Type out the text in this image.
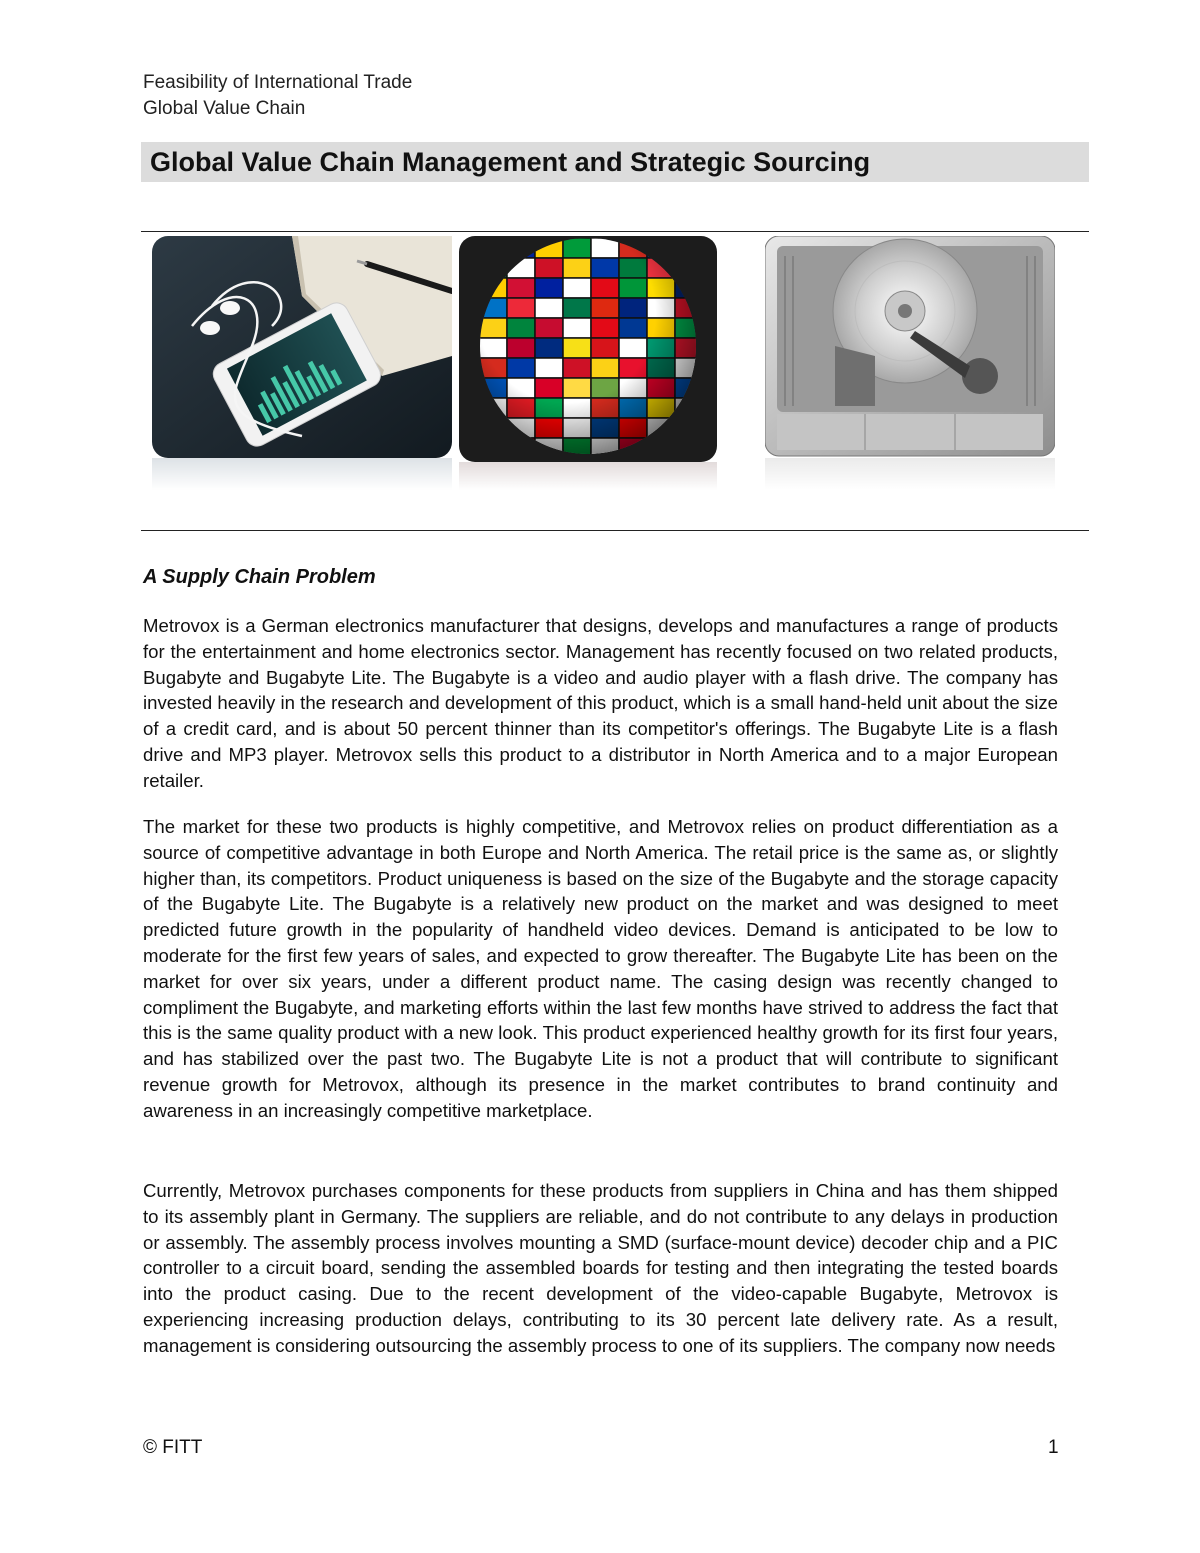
Feasibility of International Trade
Global Value Chain
Global Value Chain Management and Strategic Sourcing
A Supply Chain Problem

Metrovox is a German electronics manufacturer that designs, develops and manufactures a range of products for the entertainment and home electronics sector. Management has recently focused on two related products, Bugabyte and Bugabyte Lite. The Bugabyte is a video and audio player with a flash drive. The company has invested heavily in the research and development of this product, which is a small hand-held unit about the size of a credit card, and is about 50 percent thinner than its competitor's offerings. The Bugabyte Lite is a flash drive and MP3 player. Metrovox sells this product to a distributor in North America and to a major European retailer.

The market for these two products is highly competitive, and Metrovox relies on product differentiation as a source of competitive advantage in both Europe and North America. The retail price is the same as, or slightly higher than, its competitors. Product uniqueness is based on the size of the Bugabyte and the storage capacity of the Bugabyte Lite. The Bugabyte is a relatively new product on the market and was designed to meet predicted future growth in the popularity of handheld video devices. Demand is anticipated to be low to moderate for the first few years of sales, and expected to grow thereafter. The Bugabyte Lite has been on the market for over six years, under a different product name. The casing design was recently changed to compliment the Bugabyte, and marketing efforts within the last few months have strived to address the fact that this is the same quality product with a new look. This product experienced healthy growth for its first four years, and has stabilized over the past two. The Bugabyte Lite is not a product that will contribute to significant revenue growth for Metrovox, although its presence in the market contributes to brand continuity and awareness in an increasingly competitive marketplace.

Currently, Metrovox purchases components for these products from suppliers in China and has them shipped to its assembly plant in Germany. The suppliers are reliable, and do not contribute to any delays in production or assembly. The assembly process involves mounting a SMD (surface-mount device) decoder chip and a PIC controller to a circuit board, sending the assembled boards for testing and then integrating the tested boards into the product casing. Due to the recent development of the video-capable Bugabyte, Metrovox is experiencing increasing production delays, contributing to its 30 percent late delivery rate. As a result, management is considering outsourcing the assembly process to one of its suppliers. The company now needs

© FITT	1
